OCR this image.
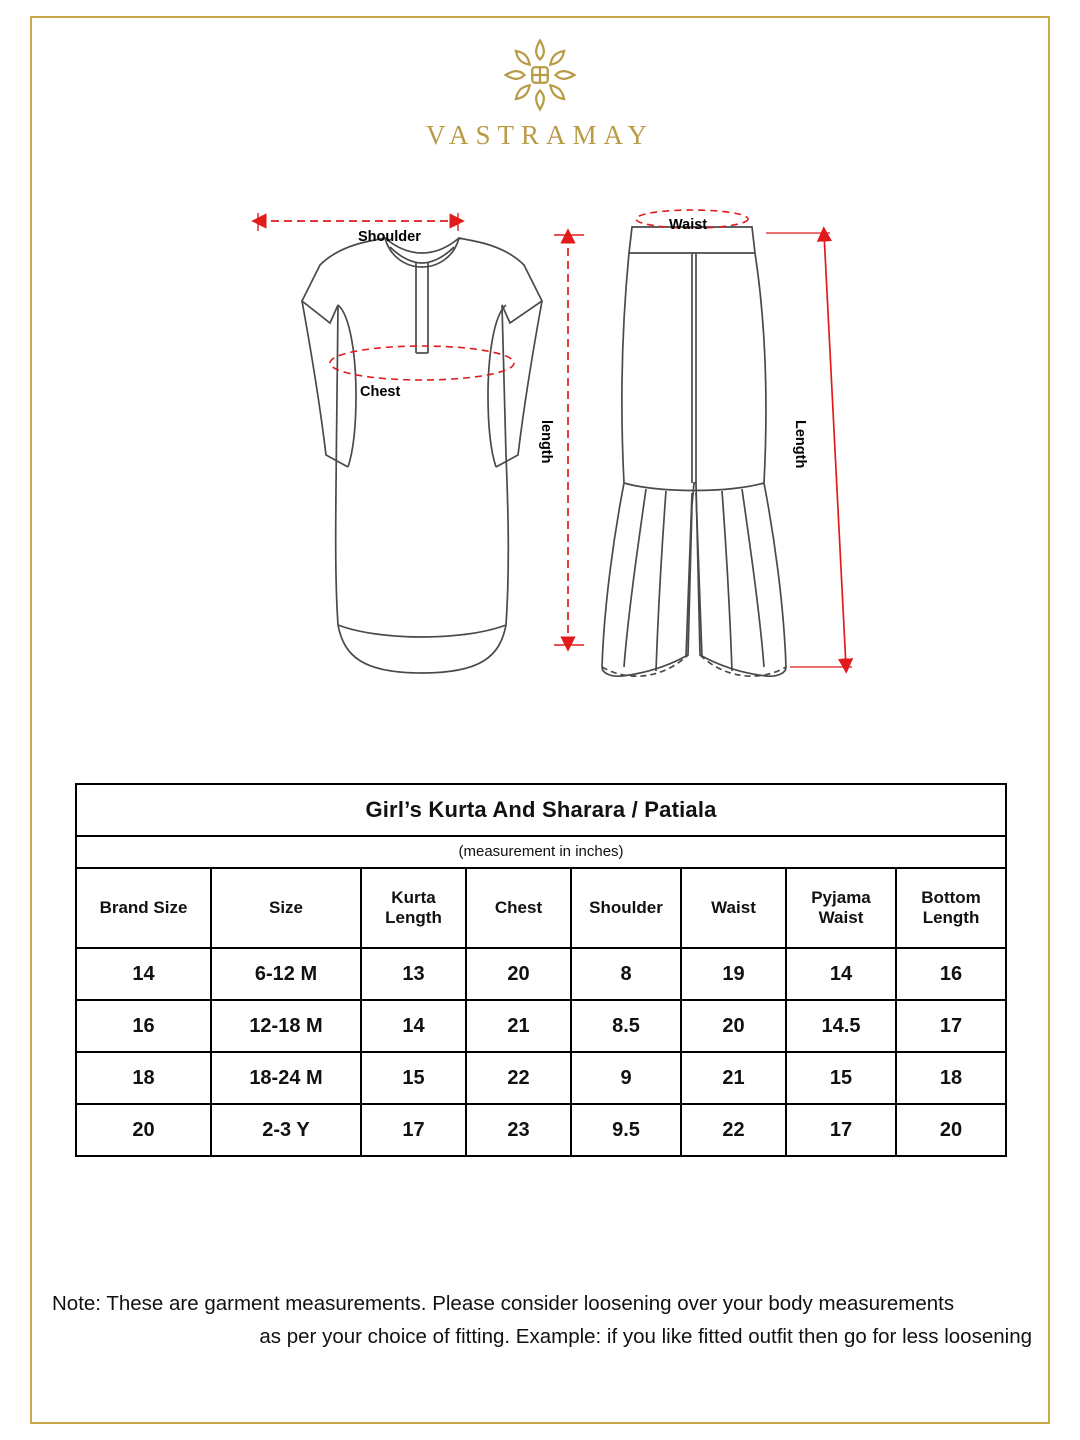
VASTRAMAY
Shoulder
Chest
length
Waist
Length
Girl’s Kurta And Sharara / Patiala							
(measurement in inches)							
Brand Size	Size	Kurta Length	Chest	Shoulder	Waist	Pyjama Waist	Bottom Length
14	6-12 M	13	20	8	19	14	16
16	12-18 M	14	21	8.5	20	14.5	17
18	18-24 M	15	22	9	21	15	18
20	2-3 Y	17	23	9.5	22	17	20
Note: These are garment measurements. Please consider loosening over your body measurements
as per your choice of fitting. Example: if you like fitted outfit then go for less loosening
